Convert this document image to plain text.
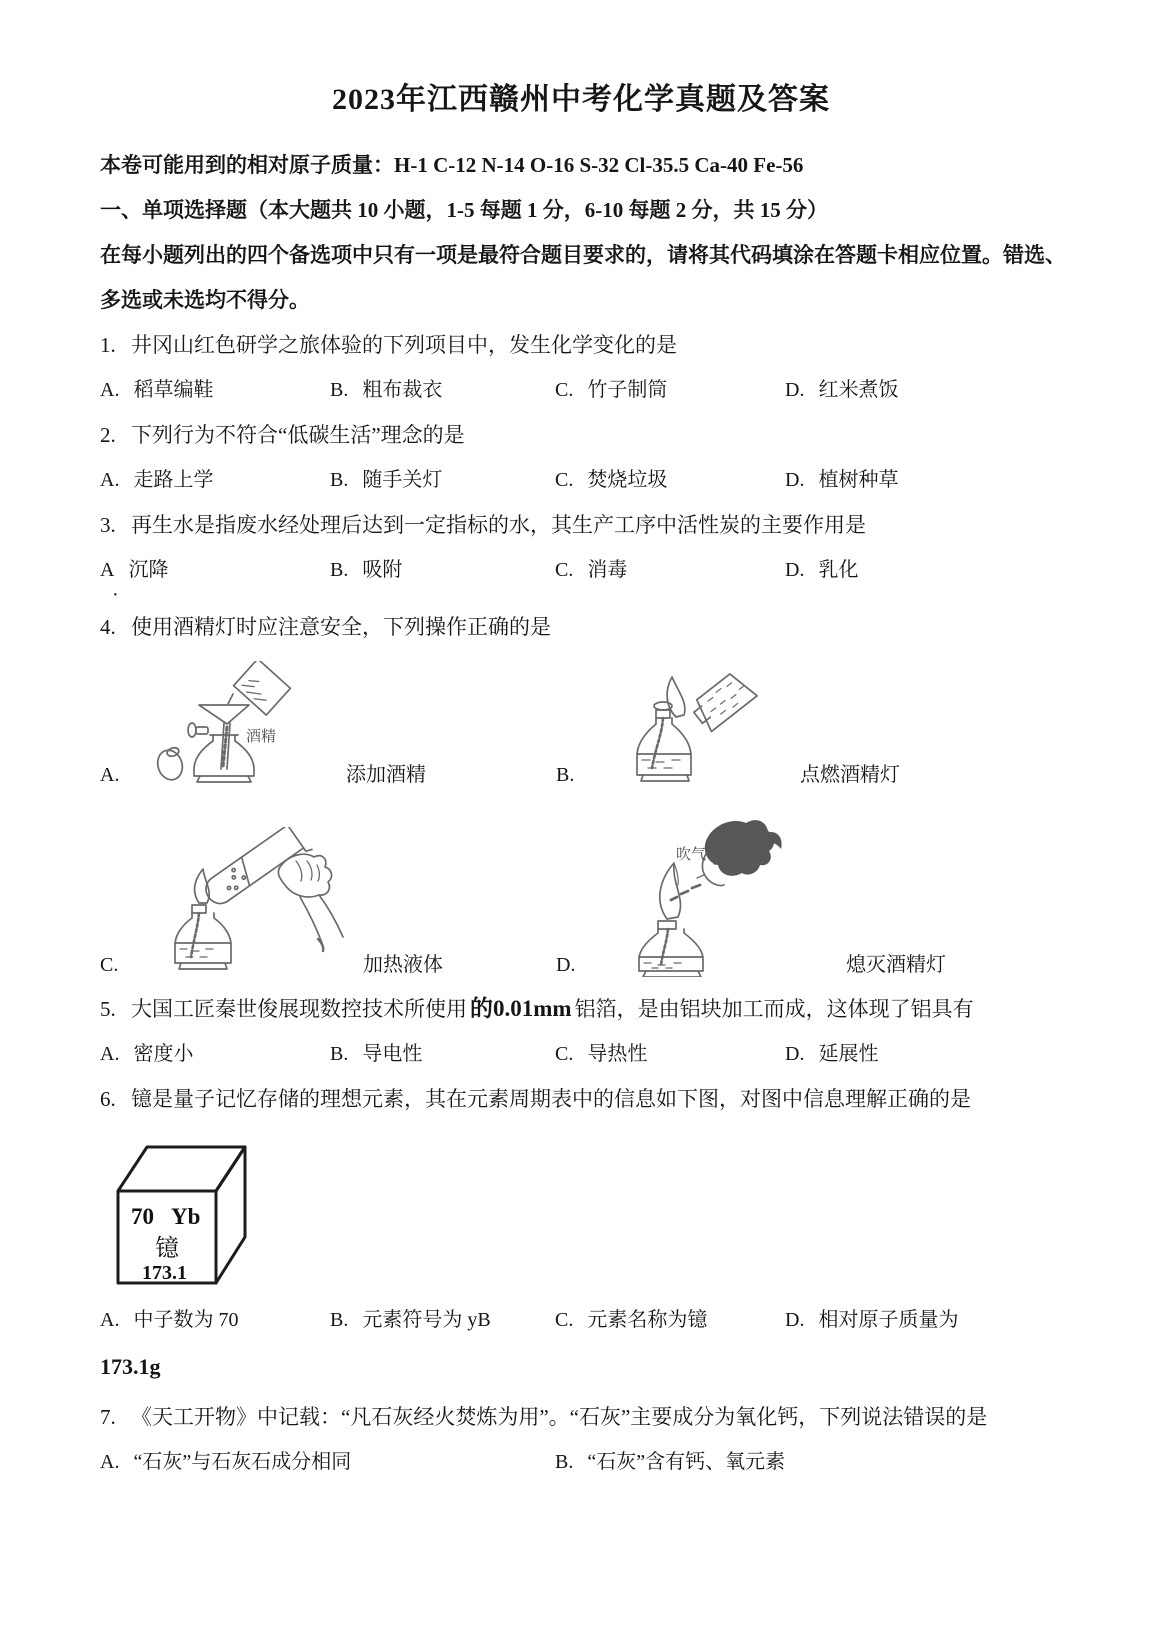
2023年江西赣州中考化学真题及答案

本卷可能用到的相对原子质量：H-1 C-12 N-14 O-16 S-32 Cl-35.5 Ca-40 Fe-56

一、单项选择题（本大题共 10 小题，1-5 每题 1 分，6-10 每题 2 分，共 15 分）

在每小题列出的四个备选项中只有一项是最符合题目要求的，请将其代码填涂在答题卡相应位置。错选、

多选或未选均不得分。

1. 井冈山红色研学之旅体验的下列项目中，发生化学变化的是

A. 稻草编鞋	B. 粗布裁衣	C. 竹子制筒	D. 红米煮饭

2. 下列行为不符合“低碳生活”理念的是

A. 走路上学	B. 随手关灯	C. 焚烧垃圾	D. 植树种草

3. 再生水是指废水经处理后达到一定指标的水，其生产工序中活性炭的主要作用是

A 沉降	B. 吸附	C. 消毒	D. 乳化
·

4. 使用酒精灯时应注意安全，下列操作正确的是

A.
酒精
添加酒精	B.	点燃酒精灯
C.	加热液体	D.
吹气
熄灭酒精灯

5. 大国工匠秦世俊展现数控技术所使用 的0.01mm 铝箔，是由铝块加工而成，这体现了铝具有

A. 密度小	B. 导电性	C. 导热性	D. 延展性

6. 镱是量子记忆存储的理想元素，其在元素周期表中的信息如下图，对图中信息理解正确的是

70 Yb
镱
173.1
A. 中子数为 70	B. 元素符号为 yB	C. 元素名称为镱	D. 相对原子质量为

173.1g

7. 《天工开物》中记载：“凡石灰经火焚炼为用”。“石灰”主要成分为氧化钙，下列说法错误的是

A. “石灰”与石灰石成分相同	B. “石灰”含有钙、氧元素
